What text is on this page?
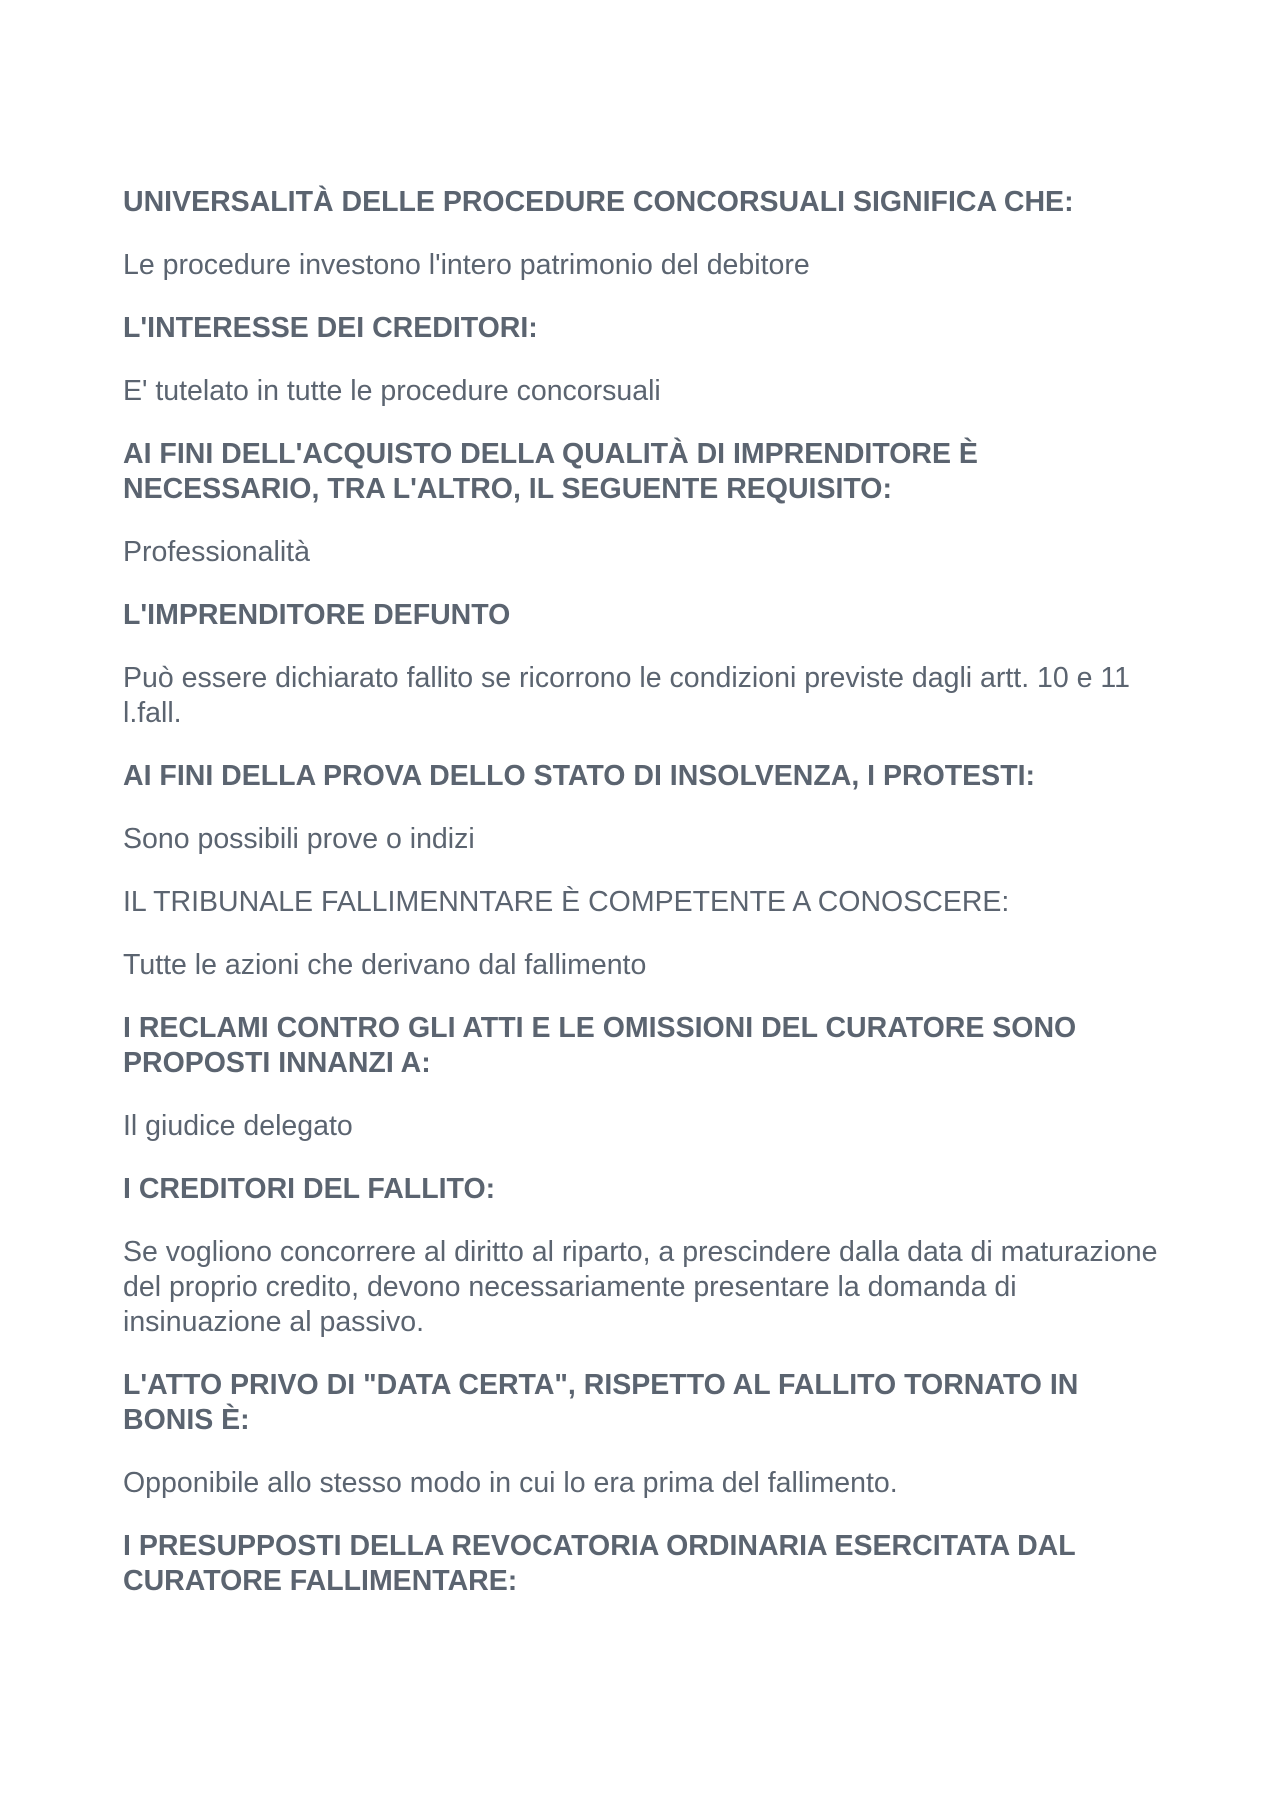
UNIVERSALITÀ DELLE PROCEDURE CONCORSUALI SIGNIFICA CHE:
Le procedure investono l'intero patrimonio del debitore
L'INTERESSE DEI CREDITORI:
E' tutelato in tutte le procedure concorsuali
AI FINI DELL'ACQUISTO DELLA QUALITÀ DI IMPRENDITORE È NECESSARIO, TRA L'ALTRO, IL SEGUENTE REQUISITO:
Professionalità
L'IMPRENDITORE DEFUNTO
Può essere dichiarato fallito se ricorrono le condizioni previste dagli artt. 10 e 11 l.fall.
AI FINI DELLA PROVA DELLO STATO DI INSOLVENZA, I PROTESTI:
Sono possibili prove o indizi
IL TRIBUNALE FALLIMENNTARE È COMPETENTE A CONOSCERE:
Tutte le azioni che derivano dal fallimento
I RECLAMI CONTRO GLI ATTI E LE OMISSIONI DEL CURATORE SONO PROPOSTI INNANZI A:
Il giudice delegato
I CREDITORI DEL FALLITO:
Se vogliono concorrere al diritto al riparto, a prescindere dalla data di maturazione del proprio credito, devono necessariamente presentare la domanda di insinuazione al passivo.
L'ATTO PRIVO DI "DATA CERTA", RISPETTO AL FALLITO TORNATO IN BONIS È:
Opponibile allo stesso modo in cui lo era prima del fallimento.
I PRESUPPOSTI DELLA REVOCATORIA ORDINARIA ESERCITATA DAL CURATORE FALLIMENTARE:
